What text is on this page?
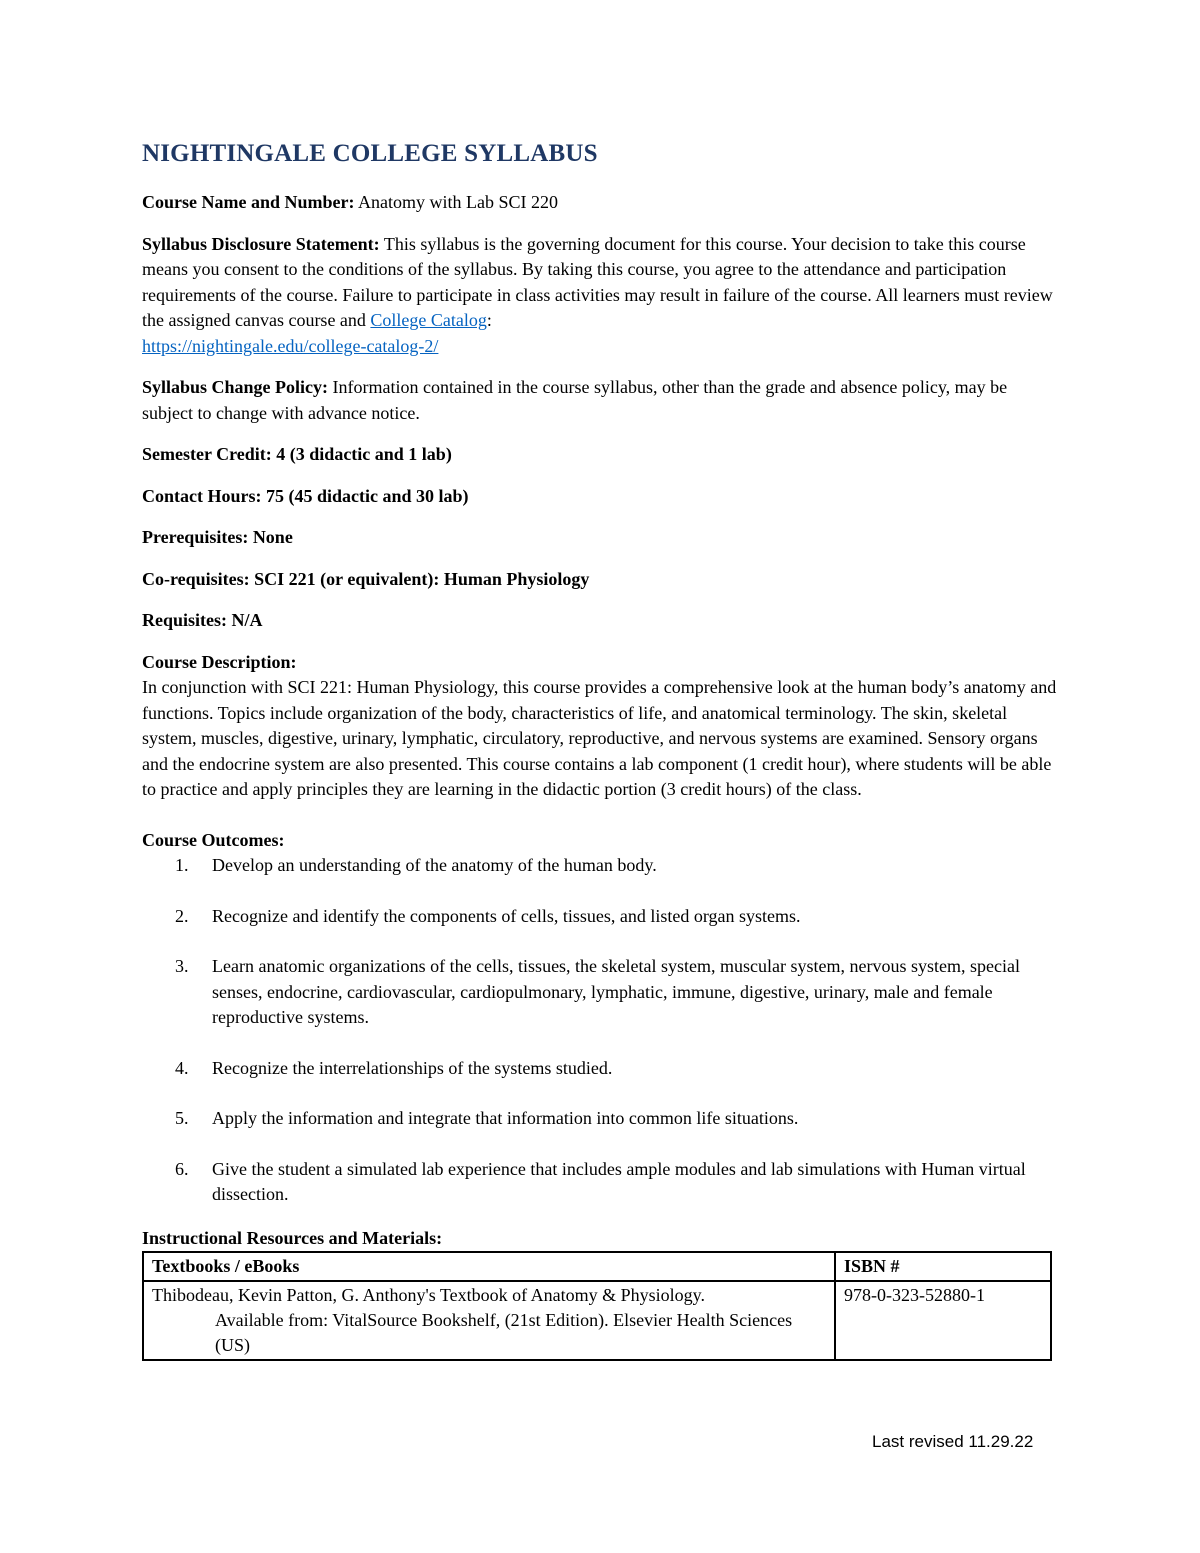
NIGHTINGALE COLLEGE SYLLABUS

Course Name and Number: Anatomy with Lab SCI 220

Syllabus Disclosure Statement: This syllabus is the governing document for this course. Your decision to take this course means you consent to the conditions of the syllabus. By taking this course, you agree to the attendance and participation requirements of the course. Failure to participate in class activities may result in failure of the course. All learners must review the assigned canvas course and College Catalog:
https://nightingale.edu/college-catalog-2/

Syllabus Change Policy: Information contained in the course syllabus, other than the grade and absence policy, may be subject to change with advance notice.

Semester Credit: 4 (3 didactic and 1 lab)

Contact Hours: 75 (45 didactic and 30 lab)

Prerequisites: None

Co-requisites: SCI 221 (or equivalent): Human Physiology

Requisites: N/A

Course Description:

In conjunction with SCI 221: Human Physiology, this course provides a comprehensive look at the human body’s anatomy and functions. Topics include organization of the body, characteristics of life, and anatomical terminology. The skin, skeletal system, muscles, digestive, urinary, lymphatic, circulatory, reproductive, and nervous systems are examined. Sensory organs and the endocrine system are also presented. This course contains a lab component (1 credit hour), where students will be able to practice and apply principles they are learning in the didactic portion (3 credit hours) of the class.

Course Outcomes:
1. Develop an understanding of the anatomy of the human body.
2. Recognize and identify the components of cells, tissues, and listed organ systems.
3. Learn anatomic organizations of the cells, tissues, the skeletal system, muscular system, nervous system, special senses, endocrine, cardiovascular, cardiopulmonary, lymphatic, immune, digestive, urinary, male and female reproductive systems.
4. Recognize the interrelationships of the systems studied.
5. Apply the information and integrate that information into common life situations.
6. Give the student a simulated lab experience that includes ample modules and lab simulations with Human virtual dissection.
Instructional Resources and Materials:
Textbooks / eBooks	ISBN #

Thibodeau, Kevin Patton, G. Anthony's Textbook of Anatomy & Physiology.
Available from: VitalSource Bookshelf, (21st Edition). Elsevier Health Sciences (US)	978-0-323-52880-1
Last revised 11.29.22
